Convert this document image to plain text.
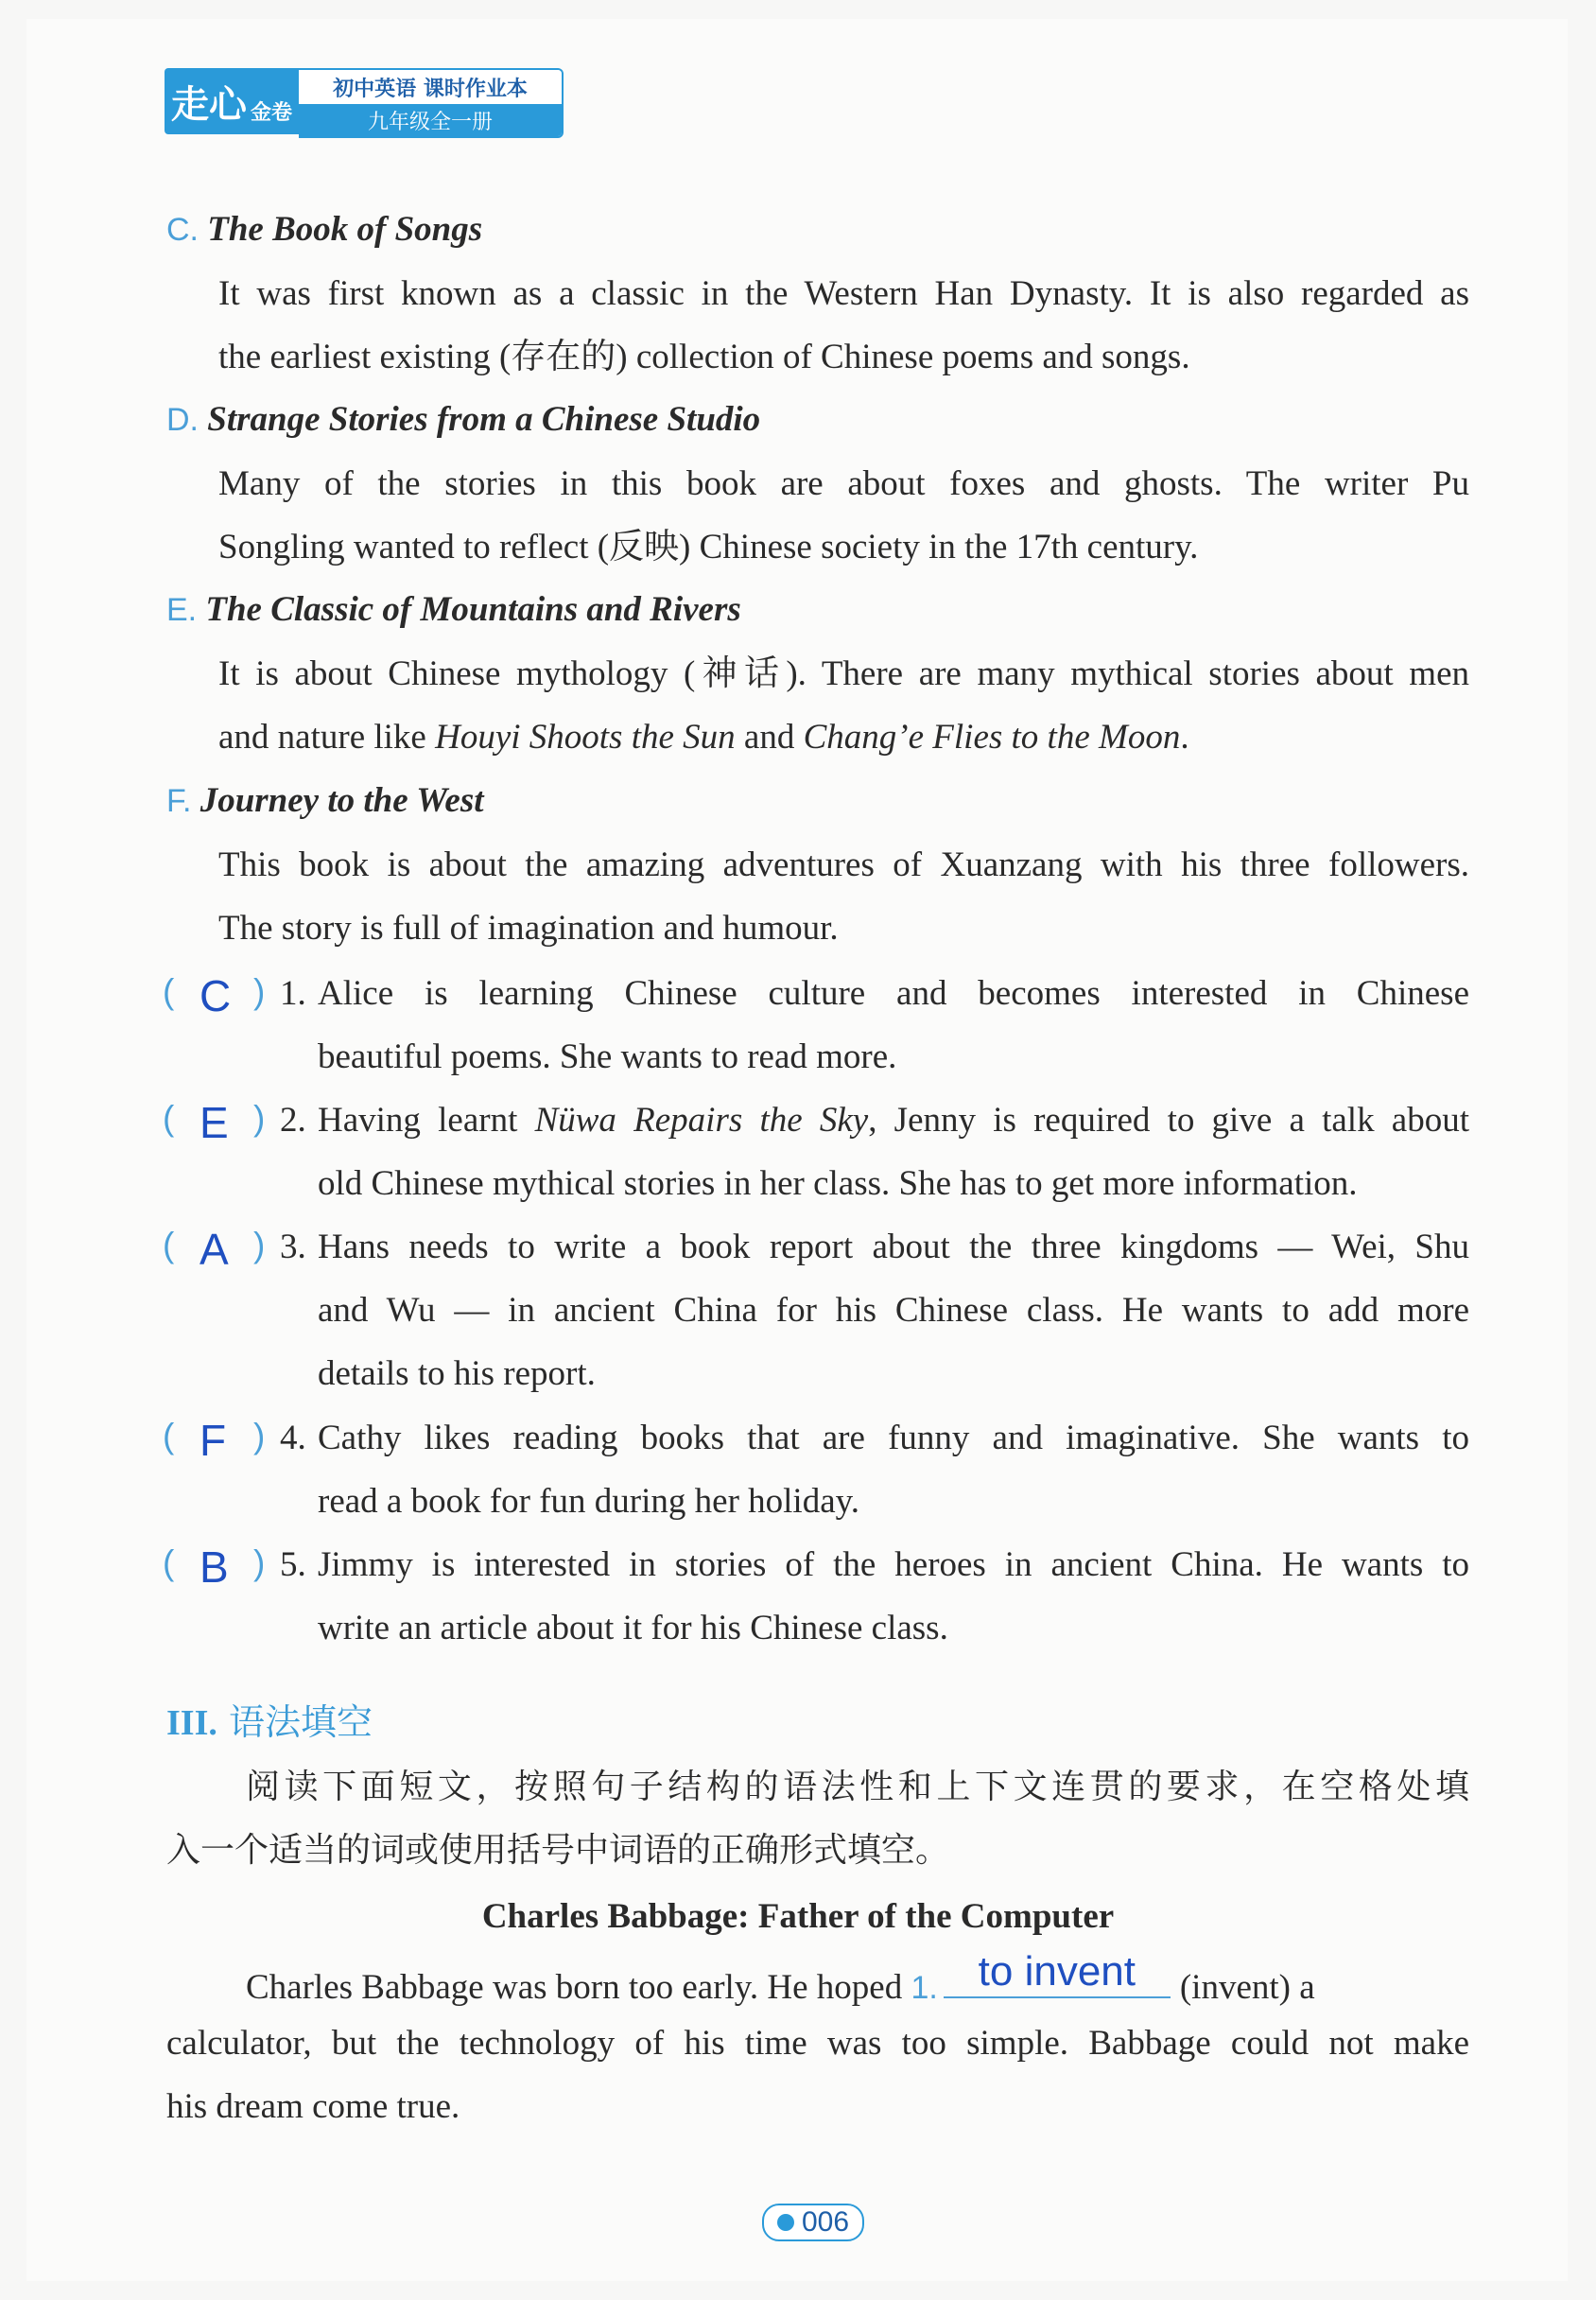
走心 金卷
初中英语 课时作业本
九年级全一册
C. The Book of Songs
It was first known as a classic in the Western Han Dynasty. It is also regarded as
the earliest existing (存在的) collection of Chinese poems and songs.
D. Strange Stories from a Chinese Studio
Many of the stories in this book are about foxes and ghosts. The writer Pu
Songling wanted to reflect (反映) Chinese society in the 17th century.
E. The Classic of Mountains and Rivers
It is about Chinese mythology (神话). There are many mythical stories about men
and nature like Houyi Shoots the Sun and Chang’e Flies to the Moon.
F. Journey to the West
This book is about the amazing adventures of Xuanzang with his three followers.
The story is full of imagination and humour.
( C ) 1. Alice is learning Chinese culture and becomes interested in Chinese
beautiful poems. She wants to read more.
( E ) 2. Having learnt Nüwa Repairs the Sky, Jenny is required to give a talk about
old Chinese mythical stories in her class. She has to get more information.
( A ) 3. Hans needs to write a book report about the three kingdoms — Wei, Shu
and Wu — in ancient China for his Chinese class. He wants to add more
details to his report.
( F ) 4. Cathy likes reading books that are funny and imaginative. She wants to
read a book for fun during her holiday.
( B ) 5. Jimmy is interested in stories of the heroes in ancient China. He wants to
write an article about it for his Chinese class.
III. 语法填空
阅读下面短文，按照句子结构的语法性和上下文连贯的要求，在空格处填
入一个适当的词或使用括号中词语的正确形式填空。
Charles Babbage: Father of the Computer
Charles Babbage was born too early. He hoped 1. to invent	(invent) a
calculator, but the technology of his time was too simple. Babbage could not make
his dream come true.
006
